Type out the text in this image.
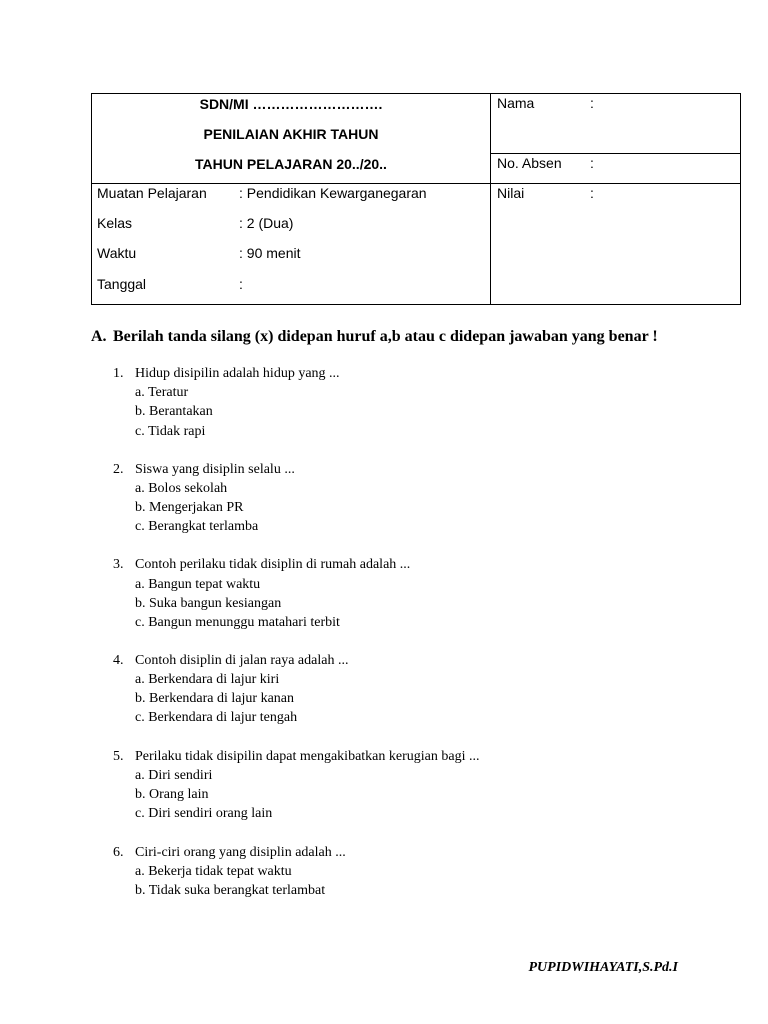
SDN/MI ……………………….
PENILAIAN AKHIR TAHUN
TAHUN PELAJARAN 20../20..
Muatan Pelajaran : Pendidikan Kewarganegaran
Kelas	: 2 (Dua)
Waktu	: 90 menit
Tanggal	:
Nama	:
No. Absen :
Nilai	:
A. Berilah tanda silang (x) didepan huruf a,b atau c didepan jawaban yang benar !
1. Hidup disipilin adalah hidup yang ...
a. Teratur
b. Berantakan
c. Tidak rapi
2. Siswa yang disiplin selalu ...
a. Bolos sekolah
b. Mengerjakan PR
c. Berangkat terlamba
3. Contoh perilaku tidak disiplin di rumah adalah ...
a. Bangun tepat waktu
b. Suka bangun kesiangan
c. Bangun menunggu matahari terbit
4. Contoh disiplin di jalan raya adalah ...
a. Berkendara di lajur kiri
b. Berkendara di lajur kanan
c. Berkendara di lajur tengah
5. Perilaku tidak disipilin dapat mengakibatkan kerugian bagi ...
a. Diri sendiri
b. Orang lain
c. Diri sendiri orang lain
6. Ciri-ciri orang yang disiplin adalah ...
a. Bekerja tidak tepat waktu
b. Tidak suka berangkat terlambat
PUPIDWIHAYATI,S.Pd.I
